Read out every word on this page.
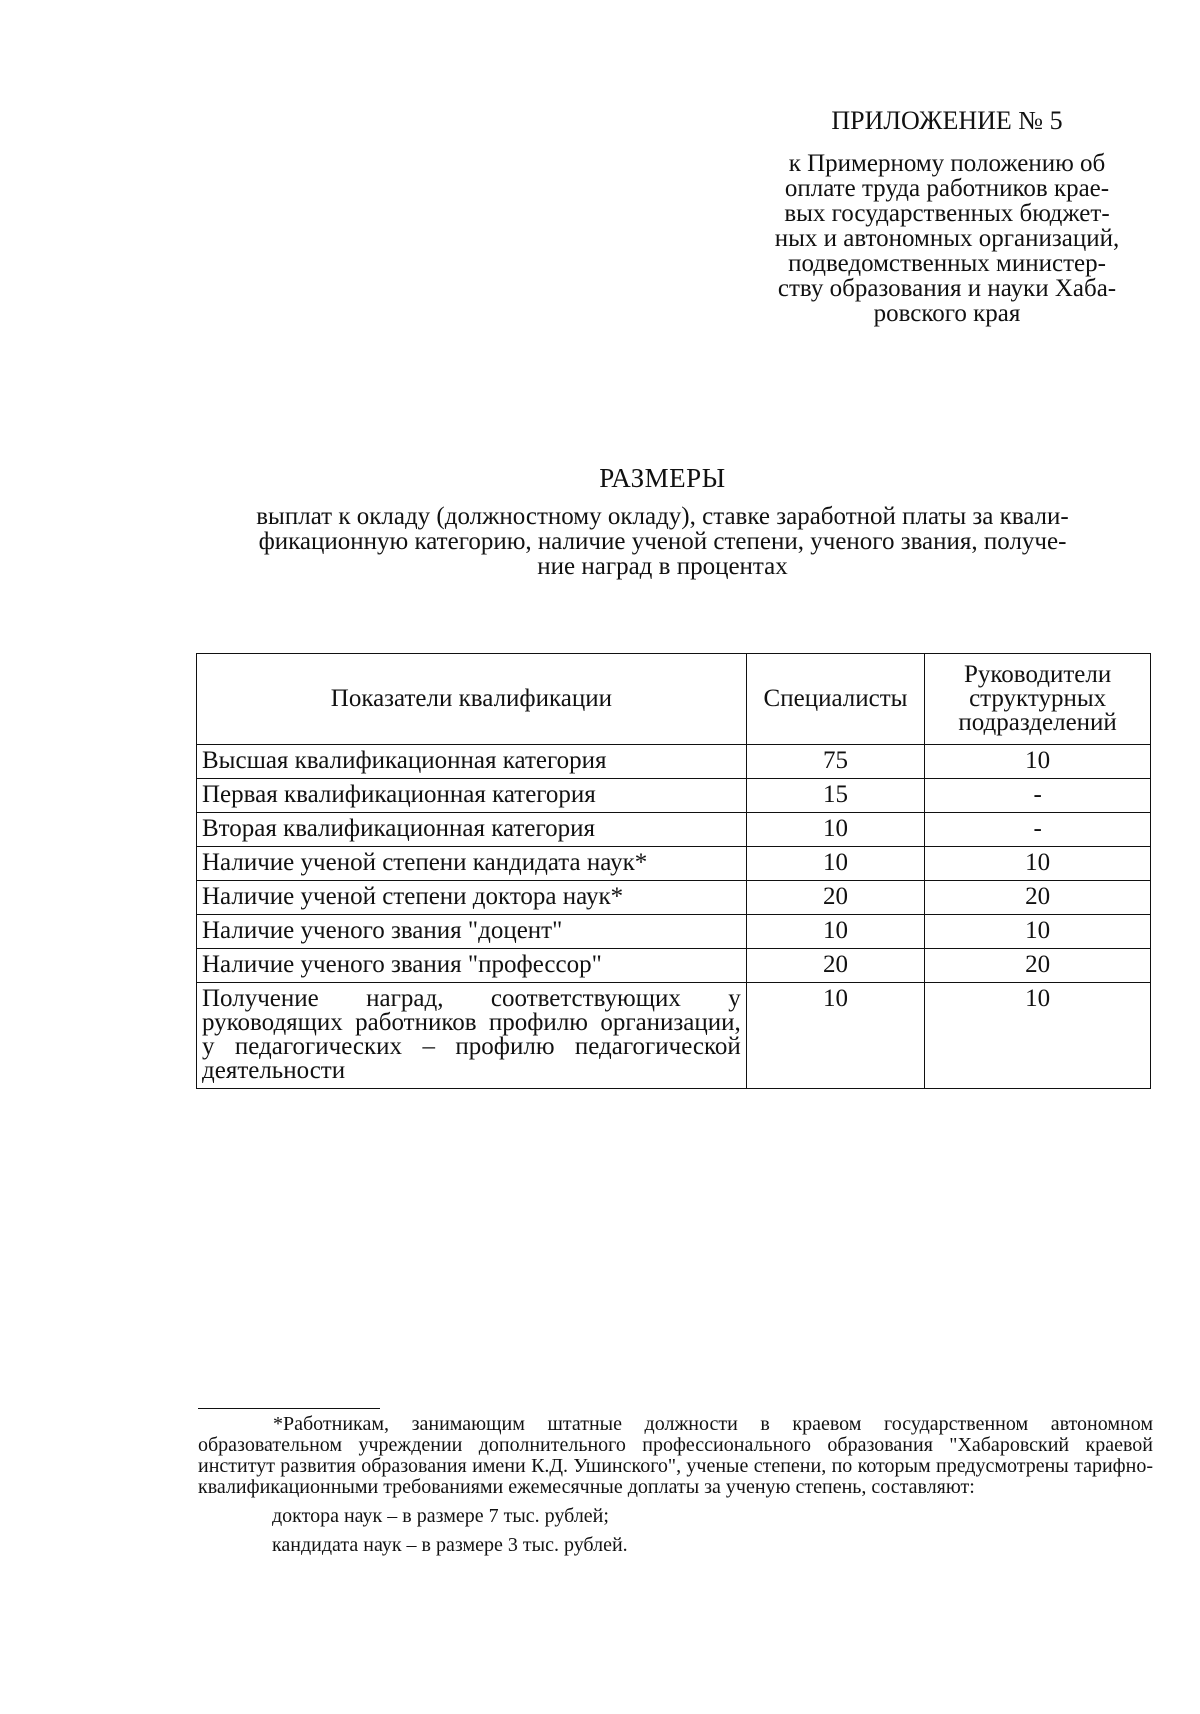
ПРИЛОЖЕНИЕ № 5
к Примерному положению об
оплате труда работников крае-
вых государственных бюджет-
ных и автономных организаций,
подведомственных министер-
ству образования и науки Хаба-
ровского края
РАЗМЕРЫ
выплат к окладу (должностному окладу), ставке заработной платы за квали-
фикационную категорию, наличие ученой степени, ученого звания, получе-
ние наград в процентах
Показатели квалификации	Специалисты	Руководители
структурных
подразделений

Высшая квалификационная категория	75	10
Первая квалификационная категория	15	-
Вторая квалификационная категория	10	-
Наличие ученой степени кандидата наук*	10	10
Наличие ученой степени доктора наук*	20	20
Наличие ученого звания "доцент"	10	10
Наличие ученого звания "профессор"	20	20
Получение наград, соответствующих у руководящих работников профилю организации, у педагогических – профилю педагогической деятельности	10	10

*Работникам, занимающим штатные должности в краевом государственном автономном образовательном учреждении дополнительного профессионального образования "Хабаровский краевой институт развития образования имени К.Д. Ушинского", ученые степени, по которым предусмотрены тарифно-квалификационными требованиями ежемесячные доплаты за ученую степень, составляют:

доктора наук – в размере 7 тыс. рублей;

кандидата наук – в размере 3 тыс. рублей.
